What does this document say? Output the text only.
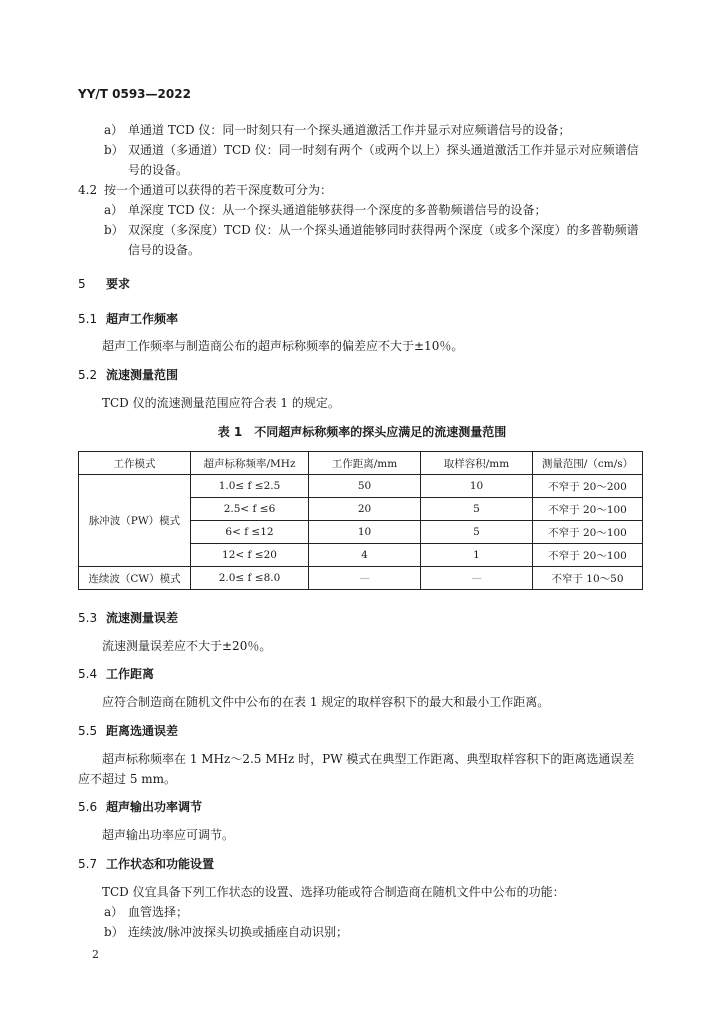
YY/T 0593—2022
a） 单通道 TCD 仪：同一时刻只有一个探头通道激活工作并显示对应频谱信号的设备；
b） 双通道（多通道）TCD 仪：同一时刻有两个（或两个以上）探头通道激活工作并显示对应频谱信
号的设备。
4.2 按一个通道可以获得的若干深度数可分为：
a） 单深度 TCD 仪：从一个探头通道能够获得一个深度的多普勒频谱信号的设备；
b） 双深度（多深度）TCD 仪：从一个探头通道能够同时获得两个深度（或多个深度）的多普勒频谱
信号的设备。
5 要求
5.1 超声工作频率
超声工作频率与制造商公布的超声标称频率的偏差应不大于±10％。
5.2 流速测量范围
TCD 仪的流速测量范围应符合表 1 的规定。
表 1　不同超声标称频率的探头应满足的流速测量范围
工作模式	超声标称频率/MHz	工作距离/mm	取样容积/mm	测量范围/（cm/s）
脉冲波（PW）模式	1.0≤ f ≤2.5	50	10	不窄于 20～200
	2.5< f ≤6	20	5	不窄于 20～100
	6< f ≤12	10	5	不窄于 20～100
	12< f ≤20	4	1	不窄于 20～100
连续波（CW）模式	2.0≤ f ≤8.0	—	—	不窄于 10～50
5.3 流速测量误差
流速测量误差应不大于±20％。
5.4 工作距离
应符合制造商在随机文件中公布的在表 1 规定的取样容积下的最大和最小工作距离。
5.5 距离选通误差
超声标称频率在 1 MHz～2.5 MHz 时，PW 模式在典型工作距离、典型取样容积下的距离选通误差
应不超过 5 mm。
5.6 超声输出功率调节
超声输出功率应可调节。
5.7 工作状态和功能设置
TCD 仪宜具备下列工作状态的设置、选择功能或符合制造商在随机文件中公布的功能：
a） 血管选择；
b） 连续波/脉冲波探头切换或插座自动识别；
2
